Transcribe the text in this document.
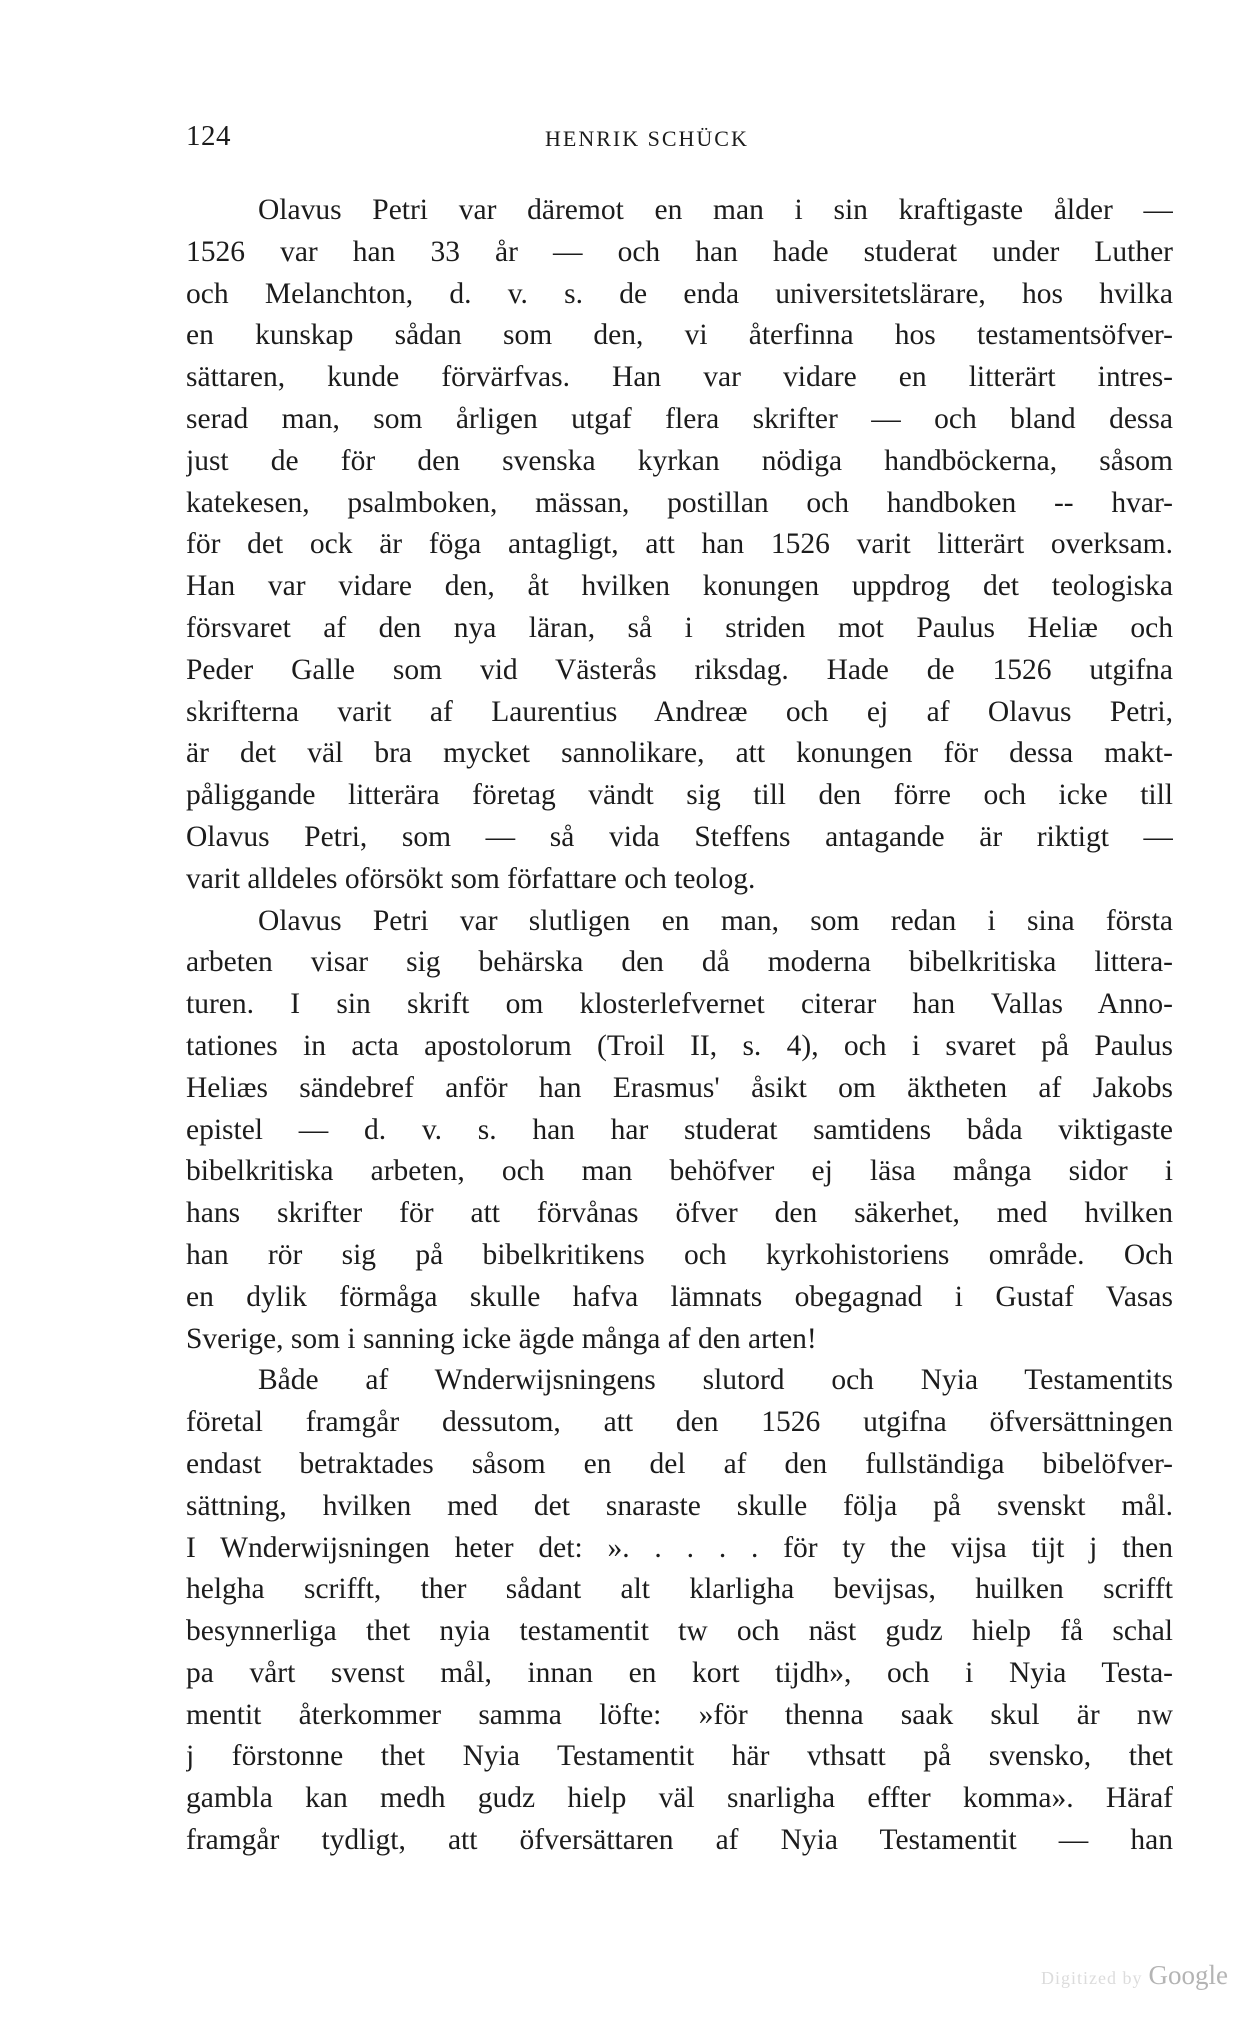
124	HENRIK SCHÜCK
Olavus Petri var däremot en man i sin kraftigaste ålder —
1526 var han 33 år — och han hade studerat under Luther
och Melanchton, d. v. s. de enda universitetslärare, hos hvilka
en kunskap sådan som den, vi återfinna hos testamentsöfver-
sättaren, kunde förvärfvas. Han var vidare en litterärt intres-
serad man, som årligen utgaf flera skrifter — och bland dessa
just de för den svenska kyrkan nödiga handböckerna, såsom
katekesen, psalmboken, mässan, postillan och handboken -- hvar-
för det ock är föga antagligt, att han 1526 varit litterärt overksam.
Han var vidare den, åt hvilken konungen uppdrog det teologiska
försvaret af den nya läran, så i striden mot Paulus Heliæ och
Peder Galle som vid Västerås riksdag. Hade de 1526 utgifna
skrifterna varit af Laurentius Andreæ och ej af Olavus Petri,
är det väl bra mycket sannolikare, att konungen för dessa makt-
påliggande litterära företag vändt sig till den förre och icke till
Olavus Petri, som — så vida Steffens antagande är riktigt —
varit alldeles oförsökt som författare och teolog.
Olavus Petri var slutligen en man, som redan i sina första
arbeten visar sig behärska den då moderna bibelkritiska littera-
turen. I sin skrift om klosterlefvernet citerar han Vallas Anno-
tationes in acta apostolorum (Troil II, s. 4), och i svaret på Paulus
Heliæs sändebref anför han Erasmus' åsikt om äktheten af Jakobs
epistel — d. v. s. han har studerat samtidens båda viktigaste
bibelkritiska arbeten, och man behöfver ej läsa många sidor i
hans skrifter för att förvånas öfver den säkerhet, med hvilken
han rör sig på bibelkritikens och kyrkohistoriens område. Och
en dylik förmåga skulle hafva lämnats obegagnad i Gustaf Vasas
Sverige, som i sanning icke ägde många af den arten!
Både af Wnderwijsningens slutord och Nyia Testamentits
företal framgår dessutom, att den 1526 utgifna öfversättningen
endast betraktades såsom en del af den fullständiga bibelöfver-
sättning, hvilken med det snaraste skulle följa på svenskt mål.
I Wnderwijsningen heter det: ». . . . . för ty the vijsa tijt j then
helgha scrifft, ther sådant alt klarligha bevijsas, huilken scrifft
besynnerliga thet nyia testamentit tw och näst gudz hielp få schal
pa vårt svenst mål, innan en kort tijdh», och i Nyia Testa-
mentit återkommer samma löfte: »för thenna saak skul är nw
j förstonne thet Nyia Testamentit här vthsatt på svensko, thet
gambla kan medh gudz hielp väl snarligha effter komma». Häraf
framgår tydligt, att öfversättaren af Nyia Testamentit — han
Digitized by Google
